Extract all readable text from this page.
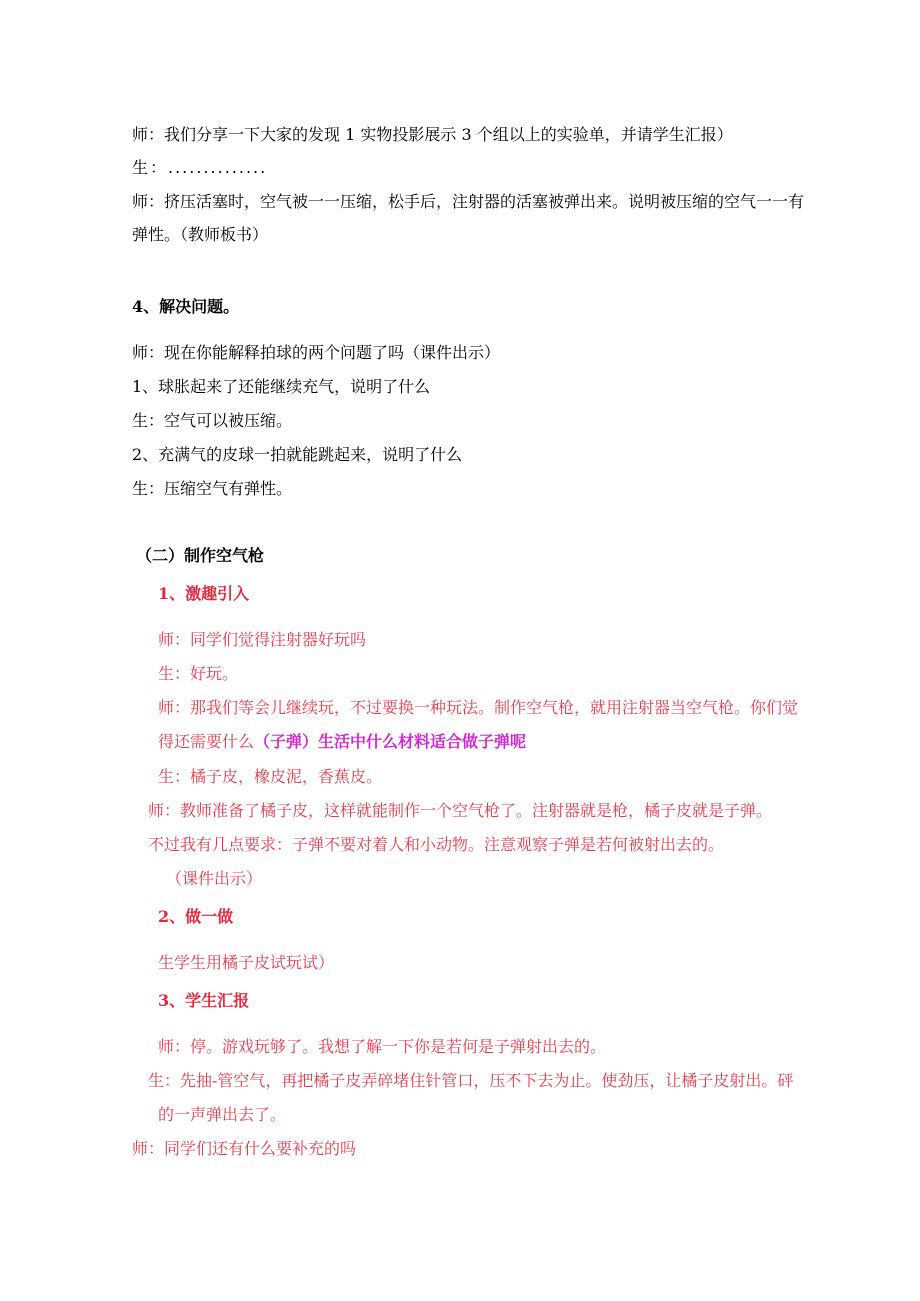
师：我们分享一下大家的发现 1 实物投影展示 3 个组以上的实验单，并请学生汇报）
生：..............
师：挤压活塞时，空气被一一压缩，松手后，注射器的活塞被弹出来。说明被压缩的空气一一有
弹性。（教师板书）
4、解决问题。
师：现在你能解释拍球的两个问题了吗（课件出示）
1、球胀起来了还能继续充气，说明了什么
生：空气可以被压缩。
2、充满气的皮球一拍就能跳起来，说明了什么
生：压缩空气有弹性。
（二）制作空气枪
1、激趣引入
师：同学们觉得注射器好玩吗
生：好玩。
师：那我们等会儿继续玩，不过要换一种玩法。制作空气枪，就用注射器当空气枪。你们觉
得还需要什么（子弹）生活中什么材料适合做子弹呢
生：橘子皮，橡皮泥，香蕉皮。
师：教师准备了橘子皮，这样就能制作一个空气枪了。注射器就是枪，橘子皮就是子弹。
不过我有几点要求：子弹不要对着人和小动物。注意观察子弹是若何被射出去的。
（课件出示）
2、做一做
生学生用橘子皮试玩试）
3、学生汇报
师：停。游戏玩够了。我想了解一下你是若何是子弹射出去的。
生：先抽-管空气，再把橘子皮弄碎堵住针管口，压不下去为止。使劲压，让橘子皮射出。砰
的一声弹出去了。
师：同学们还有什么要补充的吗
